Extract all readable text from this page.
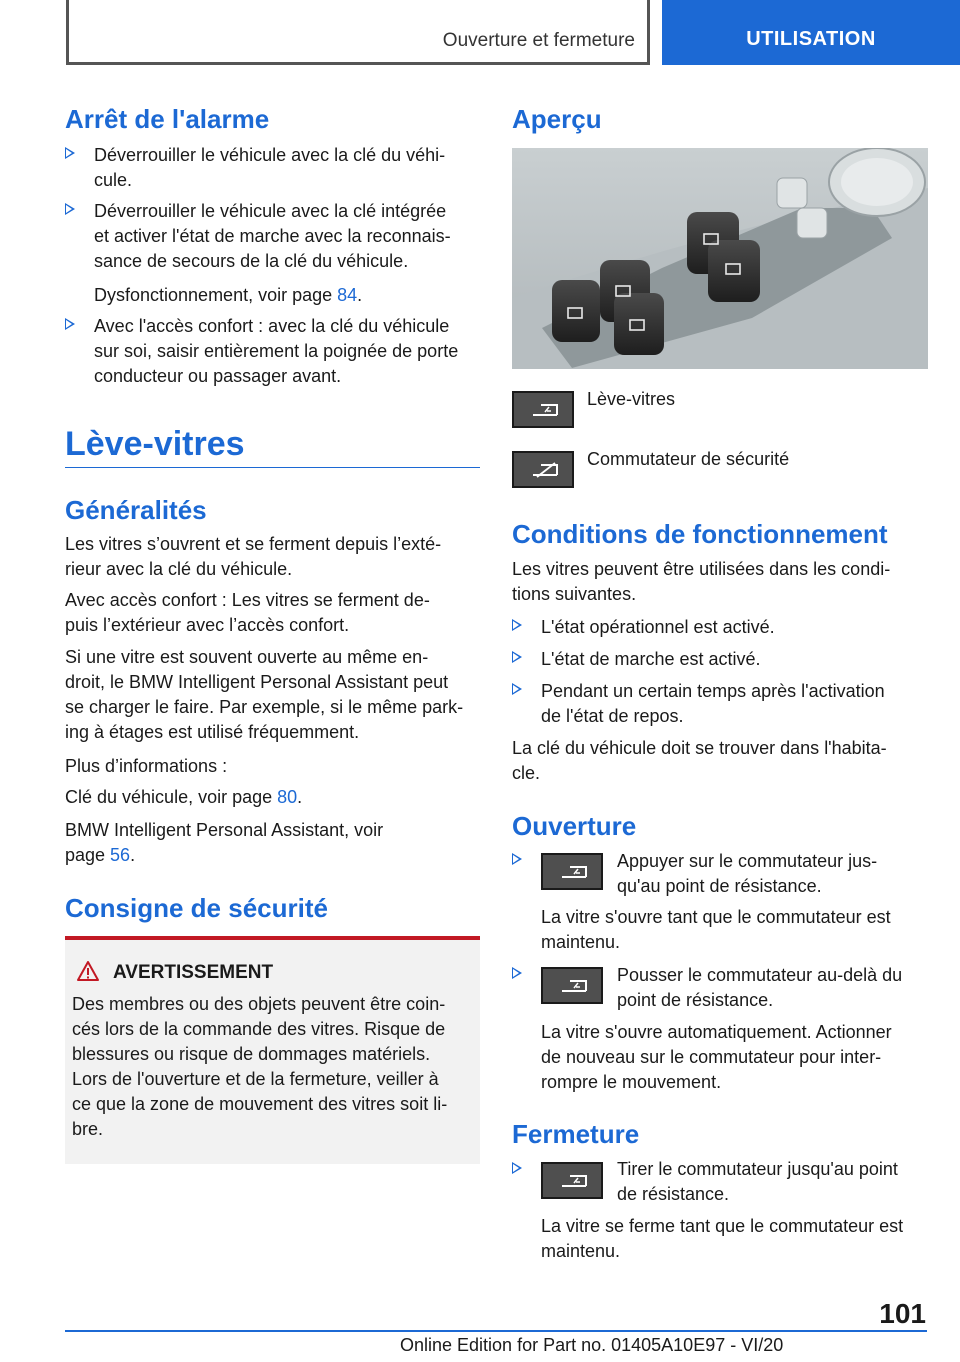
Ouverture et fermeture	UTILISATION
Arrêt de l'alarme
Déverrouiller le véhicule avec la clé du véhi-
cule.
Déverrouiller le véhicule avec la clé intégrée
et activer l'état de marche avec la reconnais-
sance de secours de la clé du véhicule.
Dysfonctionnement, voir page 84.
Avec l'accès confort : avec la clé du véhicule
sur soi, saisir entièrement la poignée de porte
conducteur ou passager avant.
Lève-vitres
Généralités
Les vitres s’ouvrent et se ferment depuis l’exté-
rieur avec la clé du véhicule.
Avec accès confort : Les vitres se ferment de-
puis l’extérieur avec l’accès confort.
Si une vitre est souvent ouverte au même en-
droit, le BMW Intelligent Personal Assistant peut
se charger le faire. Par exemple, si le même park-
ing à étages est utilisé fréquemment.
Plus d’informations :
Clé du véhicule, voir page 80.
BMW Intelligent Personal Assistant, voir
page 56.
Consigne de sécurité
AVERTISSEMENT
Des membres ou des objets peuvent être coin-
cés lors de la commande des vitres. Risque de
blessures ou risque de dommages matériels.
Lors de l'ouverture et de la fermeture, veiller à
ce que la zone de mouvement des vitres soit li-
bre.
Aperçu
Lève-vitres
Commutateur de sécurité
Conditions de fonctionnement
Les vitres peuvent être utilisées dans les condi-
tions suivantes.
L'état opérationnel est activé.
L'état de marche est activé.
Pendant un certain temps après l'activation
de l'état de repos.
La clé du véhicule doit se trouver dans l'habita-
cle.
Ouverture
Appuyer sur le commutateur jus-
qu'au point de résistance.
La vitre s'ouvre tant que le commutateur est
maintenu.
Pousser le commutateur au-delà du
point de résistance.
La vitre s'ouvre automatiquement. Actionner
de nouveau sur le commutateur pour inter-
rompre le mouvement.
Fermeture
Tirer le commutateur jusqu'au point
de résistance.
La vitre se ferme tant que le commutateur est
maintenu.
101
Online Edition for Part no. 01405A10E97 - VI/20
